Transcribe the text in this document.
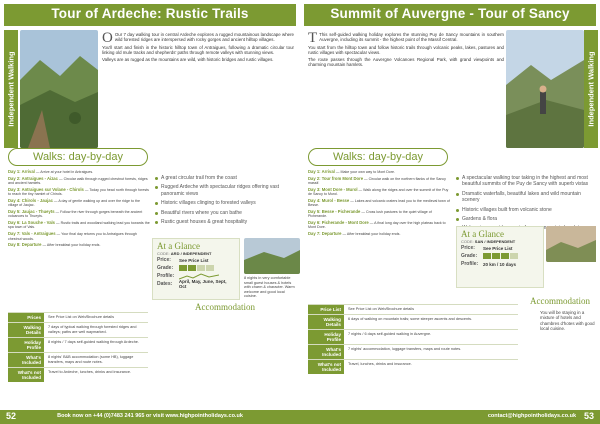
Tour of Ardeche: Rustic Trails
Independent Walking

O Our 7 day walking tour in central Ardeche explores a rugged mountainous landscape where wild forested ridges are interspersed with rocky gorges and ancient hilltop villages.

You'll start and finish in the historic hilltop town of Antraigues, following a dramatic circular tour linking old mule tracks and shepherds' paths through remote valleys with stunning views.

Valleys are as rugged as the mountains are wild, with historic bridges and rustic villages.

Walks: day-by-day
Day 1: Arrival — Arrive at your hotel in Antraigues.
Day 2: Antraigues - Aizac — Circular walk through rugged chestnut forests, ridges and ancient hamlets.
Day 3: Antraigues sur Volane - Chirols — Today you head north through forests to reach the tiny hamlet of Chirols.
Day 4: Chirols - Jaujac — A day of gentle walking up and over the ridge to the village of Jaujac.
Day 5: Jaujac - Thueyts — Follow the river through gorges beneath the ancient volcanoes to Thueyts.
Day 6: La Souche - Vals — Rustic trails and woodland walking lead you towards the spa town of Vals.
Day 7: Vals - Antraigues — Your final day returns you to Antraigues through chestnut woods.
Day 8: Departure — After breakfast your holiday ends.
A great circular trail from the coast
Rugged Ardeche with spectacular ridges offering vast panoramic views
Historic villages clinging to forested valleys
Beautiful rivers where you can bathe
Rustic guest houses & great hospitality
At a Glance
CODE: ARD / INDEPENDENT
Price:	See Price List
Grade:
Profile:
Dates:	April, May, June, Sept, Oct
Accommodation
8 nights in very comfortable small guest houses & hotels with charm & character. Warm welcome and good local cuisine.
Prices	See Price List on Web/Brochure details
Walking Details
7 days of typical walking through forested ridges and valleys; paths are well waymarked.
Holiday Profile
8 nights / 7 days self-guided walking through Ardeche.
What's Included
8 nights' B&B accommodation (some HB), luggage transfers, maps and route notes.
What's not Included
Travel to Ardeche, lunches, drinks and insurance.
52	Book now on +44 (0)7483 241 965 or visit www.highpointholidays.co.uk
Summit of Auvergne - Tour of Sancy

T This self-guided walking holiday explores the stunning Puy de Sancy mountains in southern Auvergne, including its summit - the highest point of the Massif Central.

You start from the hilltop town and follow historic trails through volcanic peaks, lakes, pastures and rustic villages with spectacular views.

The route passes through the Auvergne Volcanoes Regional Park, with grand viewpoints and charming mountain hamlets.	Independent Walking
Walks: day-by-day
Day 1: Arrival — Make your own way to Mont Dore.
Day 2: Tour from Mont Dore — Circular walk on the northern flanks of the Sancy massif.
Day 3: Mont Dore - Murol — Walk along the ridges and over the summit of the Puy de Sancy to Murol.
Day 4: Murol - Besse — Lakes and volcanic craters lead you to the medieval town of Besse.
Day 5: Besse - Picherande — Cross lush pastures to the quiet village of Picherande.
Day 6: Picherande - Mont Dore — A final long day over the high plateau back to Mont Dore.
Day 7: Departure — After breakfast your holiday ends.
A spectacular walking tour taking in the highest and most beautiful summits of the Puy de Sancy with superb vistas
Dramatic waterfalls, beautiful lakes and wild mountain scenery
Historic villages built from volcanic stone
Gardens & flora
At a Glance
CODE: SAN / INDEPENDENT
Price:	See Price List
Grade:
Profile:	20 km / 10 days
Accommodation
You will be staying in a mixture of hotels and chambres d'hotes with good local cuisine.
Price List	See Price List on Web/Brochure details
Walking Details
6 days of walking on mountain trails; some steeper ascents and descents.
Holiday Profile
7 nights / 6 days self-guided walking in Auvergne.
What's Included
7 nights' accommodation, luggage transfers, maps and route notes.
What's not Included
Travel, lunches, drinks and insurance.
contact@highpointholidays.co.uk 53
